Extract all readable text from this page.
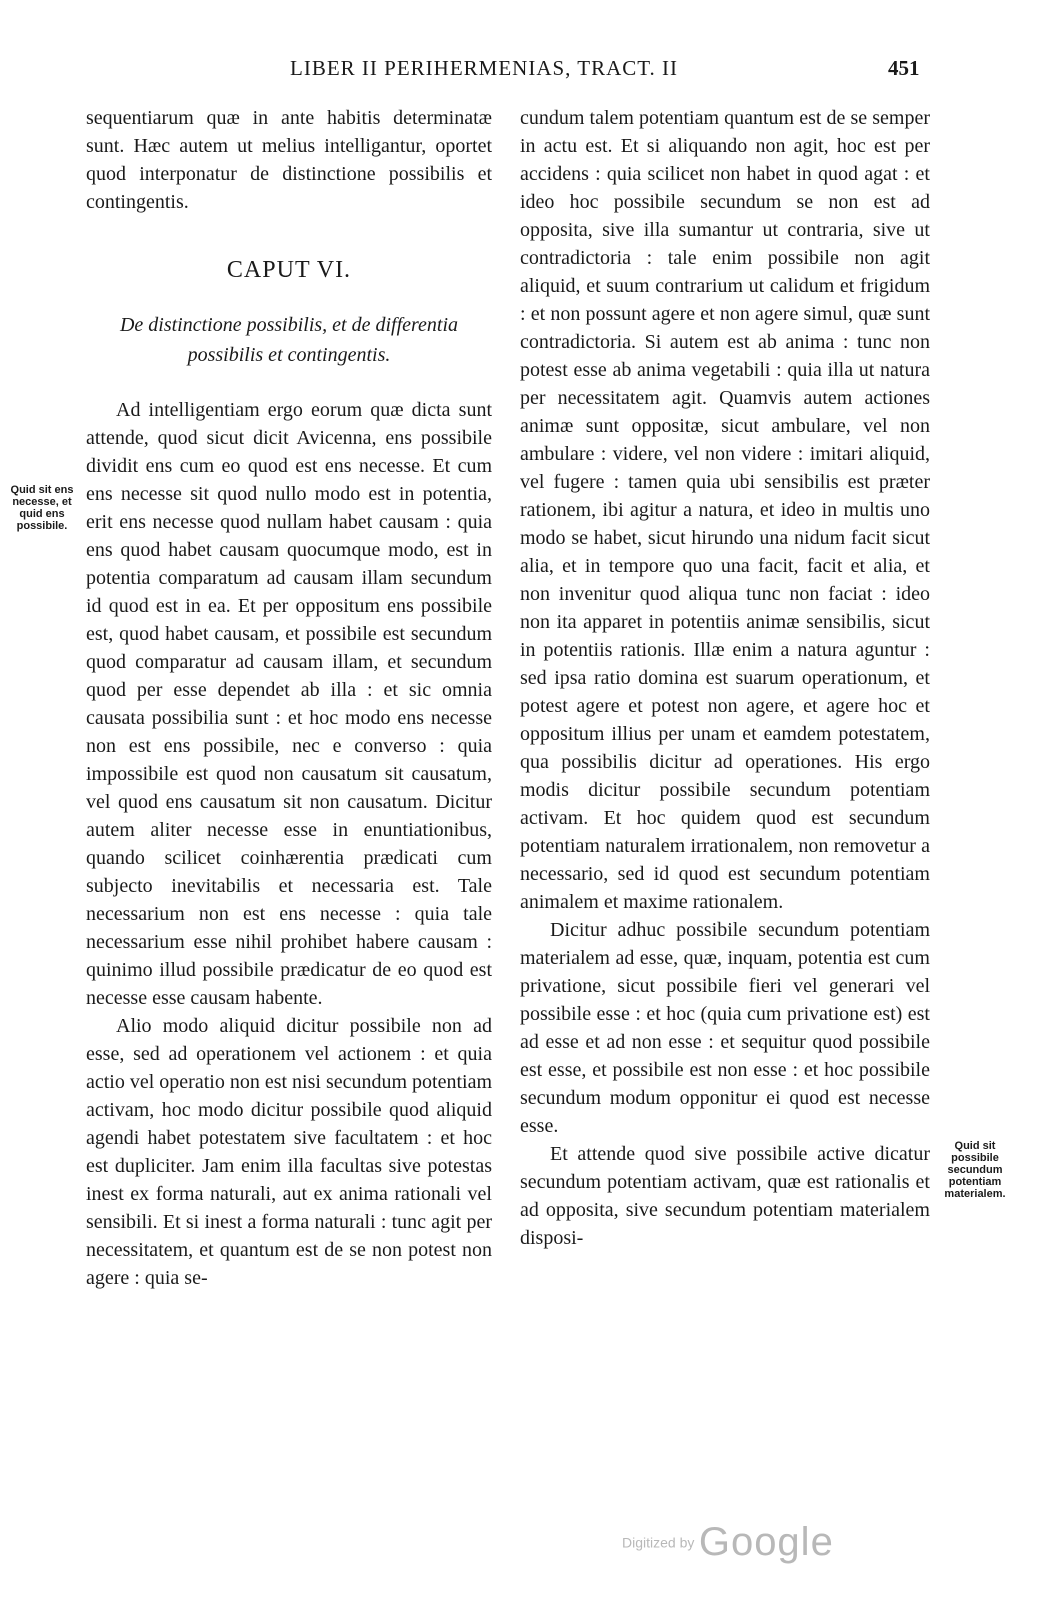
LIBER II PERIHERMENIAS, TRACT. II	451

sequentiarum quæ in ante habitis determinatæ sunt. Hæc autem ut melius intelligantur, oportet quod interponatur de distinctione possibilis et contingentis.

CAPUT VI.
De distinctione possibilis, et de differentia possibilis et contingentis.

Ad intelligentiam ergo eorum quæ dicta sunt attende, quod sicut dicit Avicenna, ens possibile dividit ens cum eo quod est ens necesse. Et cum ens necesse sit quod nullo modo est in potentia, erit ens necesse quod nullam habet causam : quia ens quod habet causam quocumque modo, est in potentia comparatum ad causam illam secundum id quod est in ea. Et per oppositum ens possibile est, quod habet causam, et possibile est secundum quod comparatur ad causam illam, et secundum quod per esse dependet ab illa : et sic omnia causata possibilia sunt : et hoc modo ens necesse non est ens possibile, nec e converso : quia impossibile est quod non causatum sit causatum, vel quod ens causatum sit non causatum. Dicitur autem aliter necesse esse in enuntiationibus, quando scilicet coinhærentia prædicati cum subjecto inevitabilis et necessaria est. Tale necessarium non est ens necesse : quia tale necessarium esse nihil prohibet habere causam : quinimo illud possibile prædicatur de eo quod est necesse esse causam habente.

Alio modo aliquid dicitur possibile non ad esse, sed ad operationem vel actionem : et quia actio vel operatio non est nisi secundum potentiam activam, hoc modo dicitur possibile quod aliquid agendi habet potestatem sive facultatem : et hoc est dupliciter. Jam enim illa facultas sive potestas inest ex forma naturali, aut ex anima rationali vel sensibili. Et si inest a forma naturali : tunc agit per necessitatem, et quantum est de se non potest non agere : quia se-

cundum talem potentiam quantum est de se semper in actu est. Et si aliquando non agit, hoc est per accidens : quia scilicet non habet in quod agat : et ideo hoc possibile secundum se non est ad opposita, sive illa sumantur ut contraria, sive ut contradictoria : tale enim possibile non agit aliquid, et suum contrarium ut calidum et frigidum : et non possunt agere et non agere simul, quæ sunt contradictoria. Si autem est ab anima : tunc non potest esse ab anima vegetabili : quia illa ut natura per necessitatem agit. Quamvis autem actiones animæ sunt oppositæ, sicut ambulare, vel non ambulare : videre, vel non videre : imitari aliquid, vel fugere : tamen quia ubi sensibilis est præter rationem, ibi agitur a natura, et ideo in multis uno modo se habet, sicut hirundo una nidum facit sicut alia, et in tempore quo una facit, facit et alia, et non invenitur quod aliqua tunc non faciat : ideo non ita apparet in potentiis animæ sensibilis, sicut in potentiis rationis. Illæ enim a natura aguntur : sed ipsa ratio domina est suarum operationum, et potest agere et potest non agere, et agere hoc et oppositum illius per unam et eamdem potestatem, qua possibilis dicitur ad operationes. His ergo modis dicitur possibile secundum potentiam activam. Et hoc quidem quod est secundum potentiam naturalem irrationalem, non removetur a necessario, sed id quod est secundum potentiam animalem et maxime rationalem.

Dicitur adhuc possibile secundum potentiam materialem ad esse, quæ, inquam, potentia est cum privatione, sicut possibile fieri vel generari vel possibile esse : et hoc (quia cum privatione est) est ad esse et ad non esse : et sequitur quod possibile est esse, et possibile est non esse : et hoc possibile secundum modum opponitur ei quod est necesse esse.

Et attende quod sive possibile active dicatur secundum potentiam activam, quæ est rationalis et ad opposita, sive secundum potentiam materialem disposi-

Quid sit ens necesse, et quid ens possibile.
Quid sit possibile secundum potentiam materialem.
Digitized by Google
